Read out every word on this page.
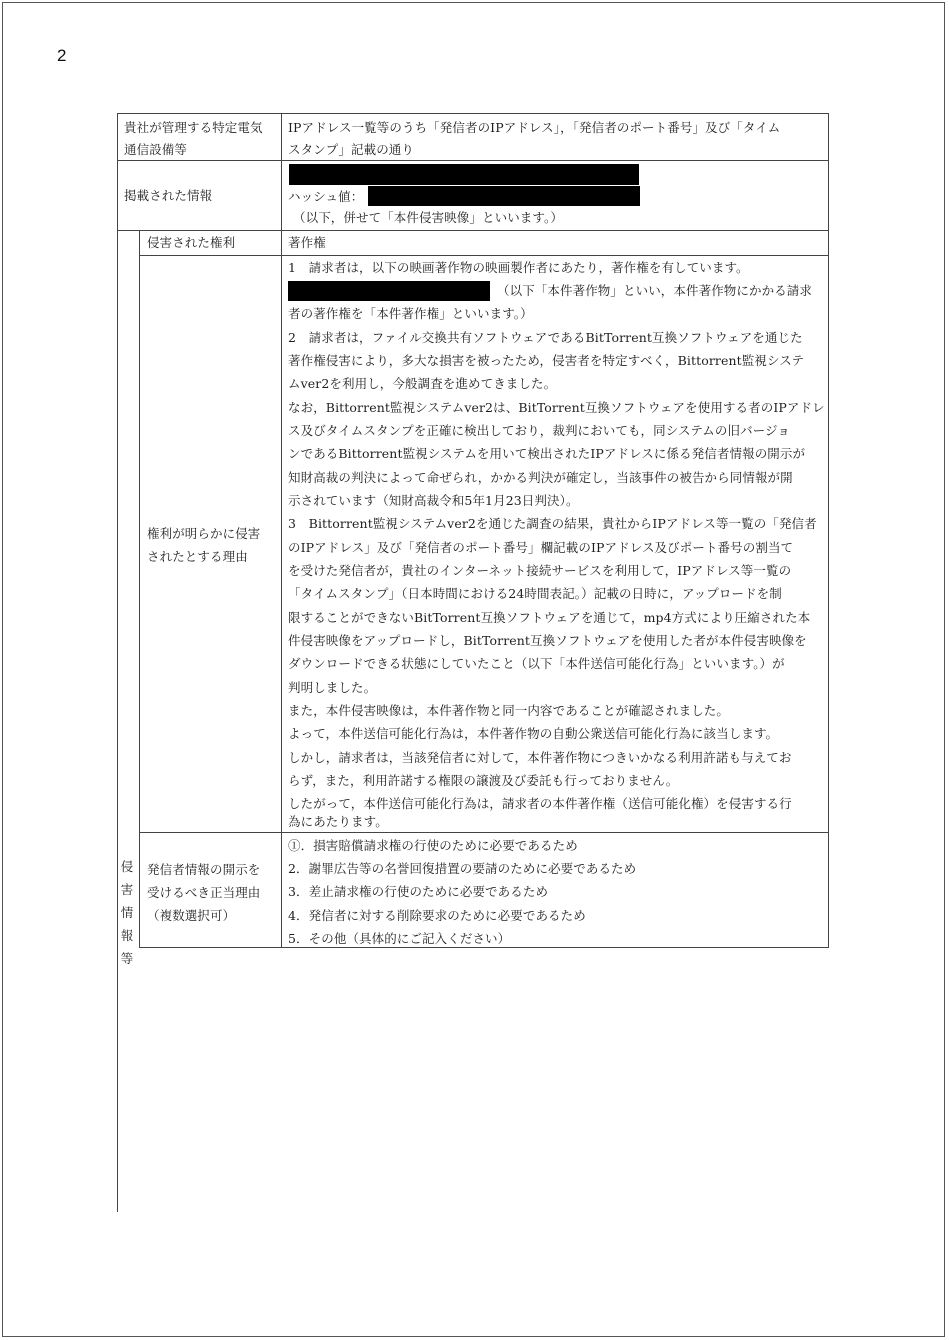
2
貴社が管理する特定電気
通信設備等
IPアドレス一覧等のうち「発信者のIPアドレス」，「発信者のポート番号」及び「タイム
スタンプ」記載の通り
掲載された情報	ハッシュ値：
（以下，併せて「本件侵害映像」といいます。）
侵害された権利	著作権
権利が明らかに侵害
されたとする理由
1　請求者は，以下の映画著作物の映画製作者にあたり，著作権を有しています。
（以下「本件著作物」といい，本件著作物にかかる請求
者の著作権を「本件著作権」といいます。）
2　請求者は，ファイル交換共有ソフトウェアであるBitTorrent互換ソフトウェアを通じた
著作権侵害により，多大な損害を被ったため，侵害者を特定すべく，Bittorrent監視システ
ムver2を利用し，今般調査を進めてきました。
なお，Bittorrent監視システムver2は、BitTorrent互換ソフトウェアを使用する者のIPアドレ
ス及びタイムスタンプを正確に検出しており，裁判においても，同システムの旧バージョ
ンであるBittorrent監視システムを用いて検出されたIPアドレスに係る発信者情報の開示が
知財高裁の判決によって命ぜられ，かかる判決が確定し，当該事件の被告から同情報が開
示されています（知財高裁令和5年1月23日判決）。
3　Bittorrent監視システムver2を通じた調査の結果，貴社からIPアドレス等一覧の「発信者
のIPアドレス」及び「発信者のポート番号」欄記載のIPアドレス及びポート番号の割当て
を受けた発信者が，貴社のインターネット接続サービスを利用して，IPアドレス等一覧の
「タイムスタンプ」（日本時間における24時間表記。）記載の日時に，アップロードを制
限することができないBitTorrent互換ソフトウェアを通じて，mp4方式により圧縮された本
件侵害映像をアップロードし，BitTorrent互換ソフトウェアを使用した者が本件侵害映像を
ダウンロードできる状態にしていたこと（以下「本件送信可能化行為」といいます。）が
判明しました。
また，本件侵害映像は，本件著作物と同一内容であることが確認されました。
よって，本件送信可能化行為は，本件著作物の自動公衆送信可能化行為に該当します。
しかし，請求者は，当該発信者に対して，本件著作物につきいかなる利用許諾も与えてお
らず，また，利用許諾する権限の譲渡及び委託も行っておりません。
したがって，本件送信可能化行為は，請求者の本件著作権（送信可能化権）を侵害する行
為にあたります。
発信者情報の開示を
受けるべき正当理由
（複数選択可）
①．損害賠償請求権の行使のために必要であるため
2．謝罪広告等の名誉回復措置の要請のために必要であるため
3．差止請求権の行使のために必要であるため
4．発信者に対する削除要求のために必要であるため
5．その他（具体的にご記入ください）
侵
害
情
報
等
